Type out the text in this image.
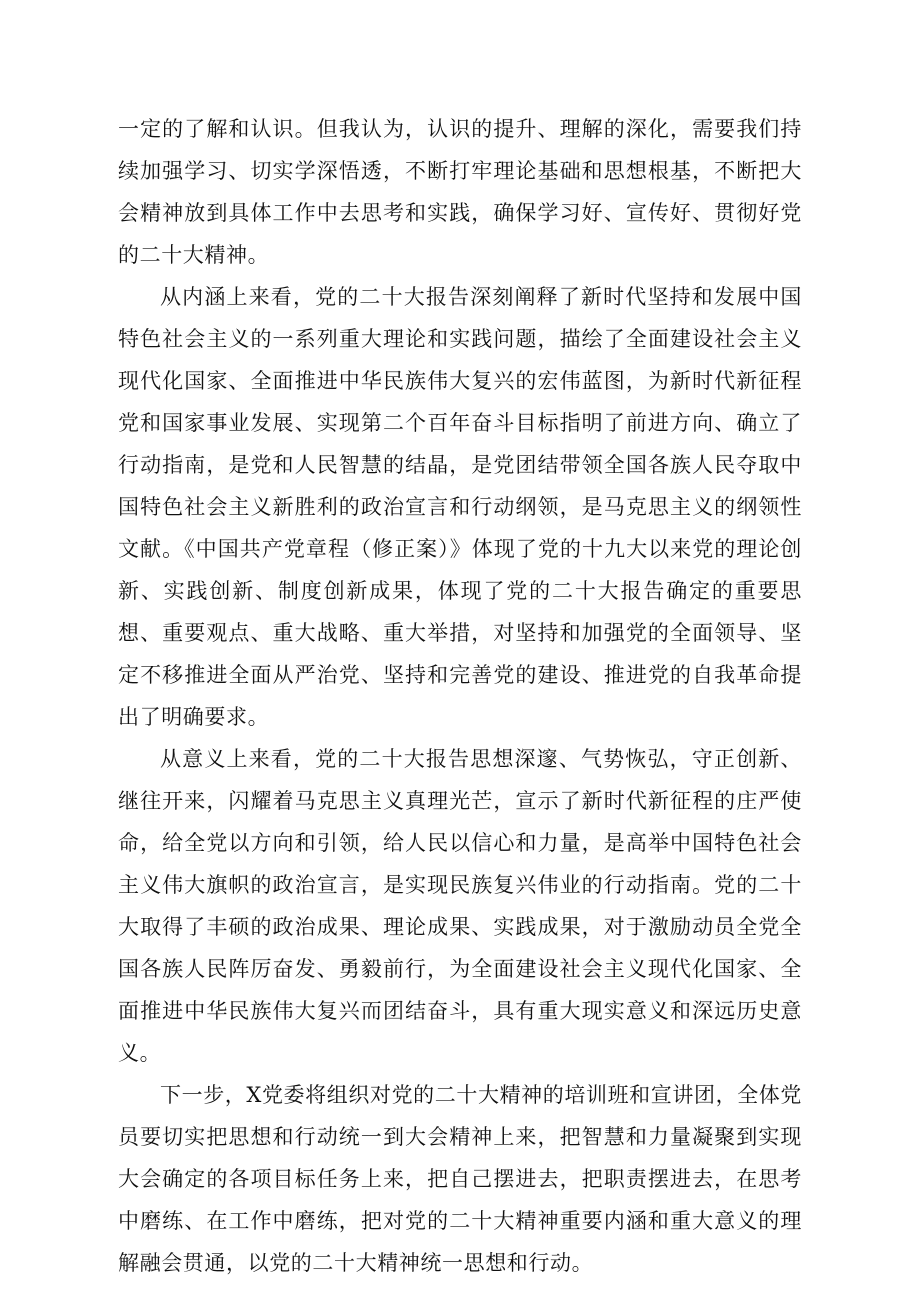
一定的了解和认识。但我认为，认识的提升、理解的深化，需要我们持续加强学习、切实学深悟透，不断打牢理论基础和思想根基，不断把大会精神放到具体工作中去思考和实践，确保学习好、宣传好、贯彻好党的二十大精神。

从内涵上来看，党的二十大报告深刻阐释了新时代坚持和发展中国特色社会主义的一系列重大理论和实践问题，描绘了全面建设社会主义现代化国家、全面推进中华民族伟大复兴的宏伟蓝图，为新时代新征程党和国家事业发展、实现第二个百年奋斗目标指明了前进方向、确立了行动指南，是党和人民智慧的结晶，是党团结带领全国各族人民夺取中国特色社会主义新胜利的政治宣言和行动纲领，是马克思主义的纲领性文献。《中国共产党章程（修正案）》体现了党的十九大以来党的理论创新、实践创新、制度创新成果，体现了党的二十大报告确定的重要思想、重要观点、重大战略、重大举措，对坚持和加强党的全面领导、坚定不移推进全面从严治党、坚持和完善党的建设、推进党的自我革命提出了明确要求。

从意义上来看，党的二十大报告思想深邃、气势恢弘，守正创新、继往开来，闪耀着马克思主义真理光芒，宣示了新时代新征程的庄严使命，给全党以方向和引领，给人民以信心和力量，是高举中国特色社会主义伟大旗帜的政治宣言，是实现民族复兴伟业的行动指南。党的二十大取得了丰硕的政治成果、理论成果、实践成果，对于激励动员全党全国各族人民阵厉奋发、勇毅前行，为全面建设社会主义现代化国家、全面推进中华民族伟大复兴而团结奋斗，具有重大现实意义和深远历史意义。

下一步，X党委将组织对党的二十大精神的培训班和宣讲团，全体党员要切实把思想和行动统一到大会精神上来，把智慧和力量凝聚到实现大会确定的各项目标任务上来，把自己摆进去，把职责摆进去，在思考中磨练、在工作中磨练，把对党的二十大精神重要内涵和重大意义的理解融会贯通，以党的二十大精神统一思想和行动。
